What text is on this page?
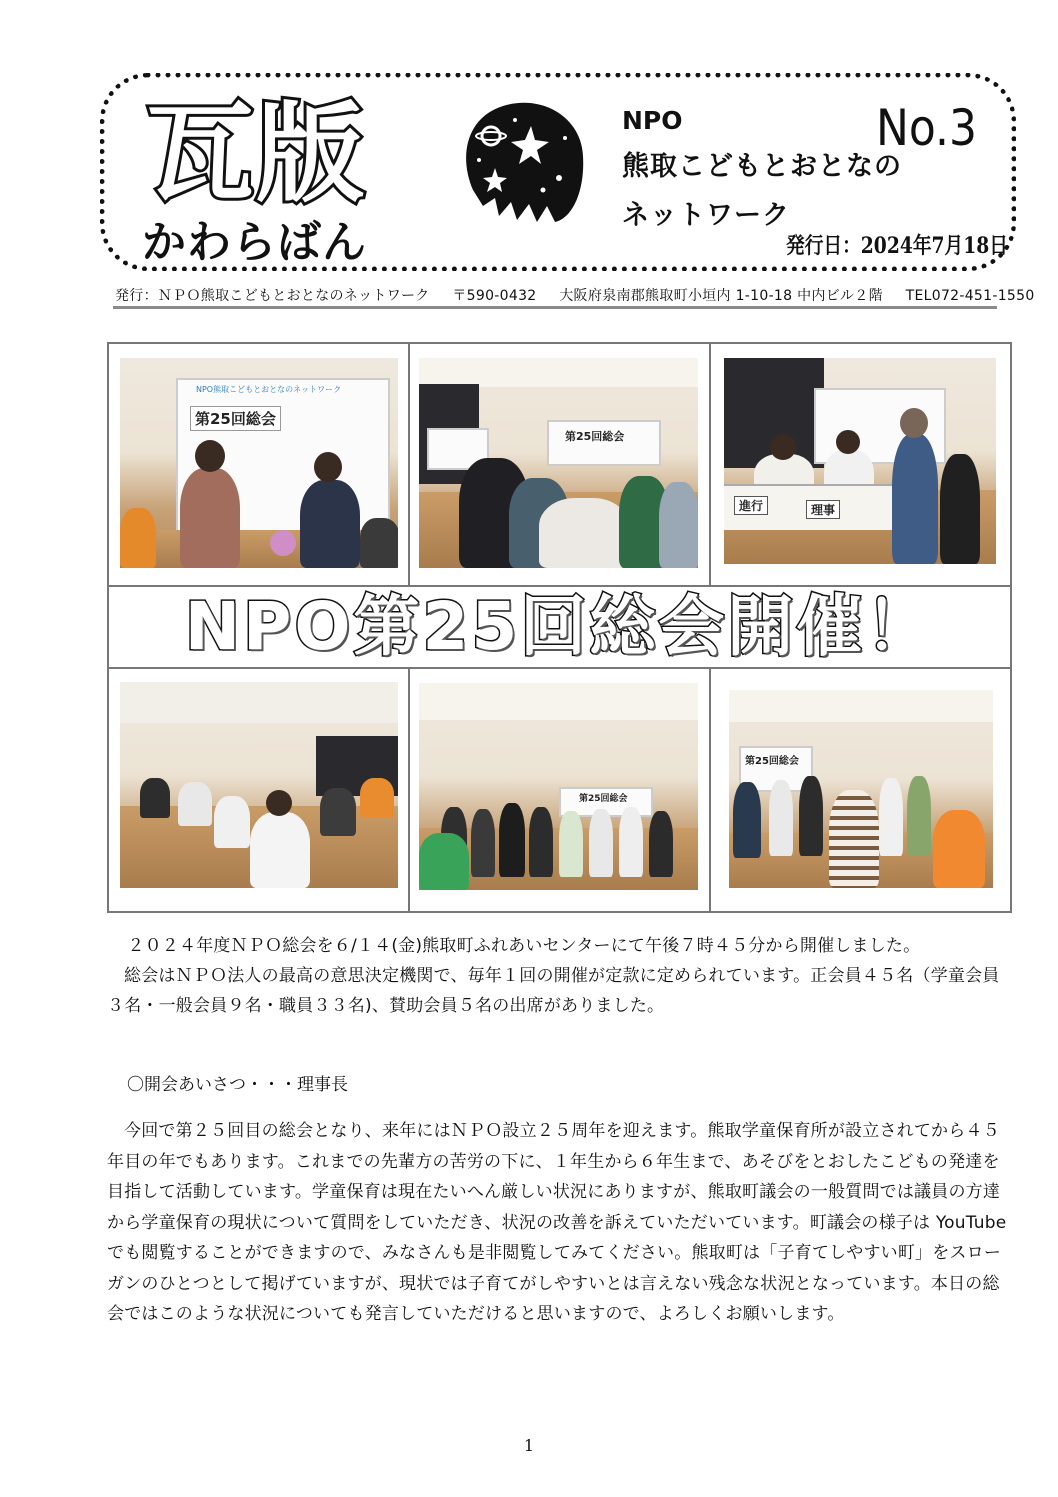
瓦版
かわらばん
NPO
熊取こどもとおとなの
ネットワーク
No.3
発行日：2024年7月18日
発行：ＮＰＯ熊取こどもとおとなのネットワーク 〒590-0432 大阪府泉南郡熊取町小垣内 1-10-18 中内ビル２階 TEL072-451-1550
NPO熊取こどもとおとなのネットワーク
第25回総会
第25回総会
進行	理事
NPO第25回総会開催！
第25回総会
第25回総会
２０２４年度ＮＰＯ総会を６/１４(金)熊取町ふれあいセンターにて午後７時４５分から開催しました。
総会はＮＰＯ法人の最高の意思決定機関で、毎年１回の開催が定款に定められています。正会員４５名（学童会員３名・一般会員９名・職員３３名)、賛助会員５名の出席がありました。
〇開会あいさつ・・・理事長
今回で第２５回目の総会となり、来年にはＮＰＯ設立２５周年を迎えます。熊取学童保育所が設立されてから４５年目の年でもあります。これまでの先輩方の苦労の下に、１年生から６年生まで、あそびをとおしたこどもの発達を目指して活動しています。学童保育は現在たいへん厳しい状況にありますが、熊取町議会の一般質問では議員の方達から学童保育の現状について質問をしていただき、状況の改善を訴えていただいています。町議会の様子は YouTube でも閲覧することができますので、みなさんも是非閲覧してみてください。熊取町は「子育てしやすい町」をスローガンのひとつとして掲げていますが、現状では子育てがしやすいとは言えない残念な状況となっています。本日の総会ではこのような状況についても発言していただけると思いますので、よろしくお願いします。
1
